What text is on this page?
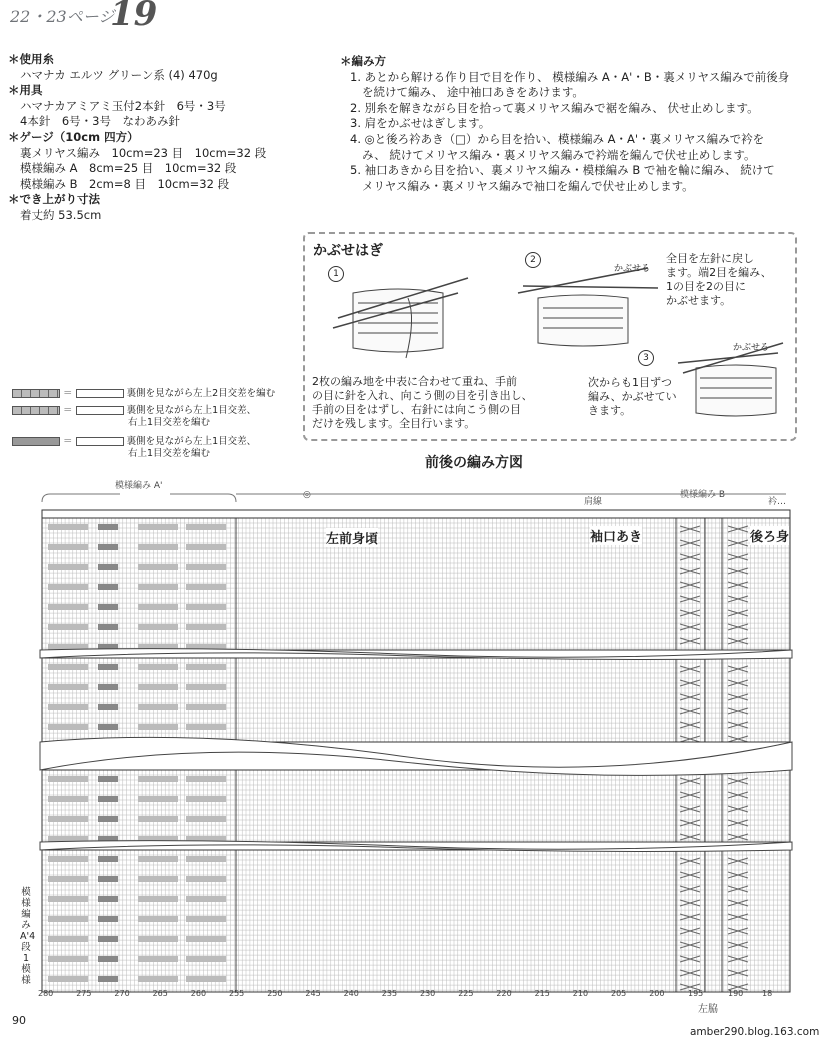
22・23ページ
19
＊使用糸
ハマナカ エルツ グリーン系 (4) 470g
＊用具
ハマナカアミアミ玉付2本針　6号・3号
4本針　6号・3号　なわあみ針
＊ゲージ（10cm 四方）
裏メリヤス編み　10cm=23 目　10cm=32 段
模様編み A　8cm=25 目　10cm=32 段
模様編み B　2cm=8 目　10cm=32 段
＊でき上がり寸法
着丈約 53.5cm
＊編み方
1. あとから解ける作り目で目を作り、 模様編み A・A'・B・裏メリヤス編みで前後身
を続けて編み、 途中袖口あきをあけます。
2. 別糸を解きながら目を拾って裏メリヤス編みで裾を編み、 伏せ止めします。
3. 肩をかぶせはぎします。
4. ◎と後ろ衿あき（□）から目を拾い、模様編み A・A'・裏メリヤス編みで衿を
み、 続けてメリヤス編み・裏メリヤス編みで衿端を編んで伏せ止めします。
5. 袖口あきから目を拾い、裏メリヤス編み・模様編み B で袖を輪に編み、 続けて
メリヤス編み・裏メリヤス編みで袖口を編んで伏せ止めします。
かぶせはぎ
1
2
3
かぶせる
かぶせる
2枚の編み地を中表に合わせて重ね、手前
の目に針を入れ、向こう側の目を引き出し、
手前の目をはずし、右針には向こう側の目
だけを残します。全目行います。
全目を左針に戻し
ます。端2目を編み、
1の目を2の目に
かぶせます。
次からも1目ずつ
編み、かぶせてい
きます。
＝	裏側を見ながら左上2目交差を編む
＝	裏側を見ながら左上1目交差、
右上1目交差を編む
＝	裏側を見ながら左上1目交差、
右上1目交差を編む
前後の編み方図
模様編み A'
◎
肩線
模様編み B
衿…
左前身頃	袖口あき	後ろ身
左脇
模様編みA'4段1模様
280	275	270	265	260	255	250	245	240	235	230	225	220	215	210	205	200	195	190 18
90
amber290.blog.163.com
